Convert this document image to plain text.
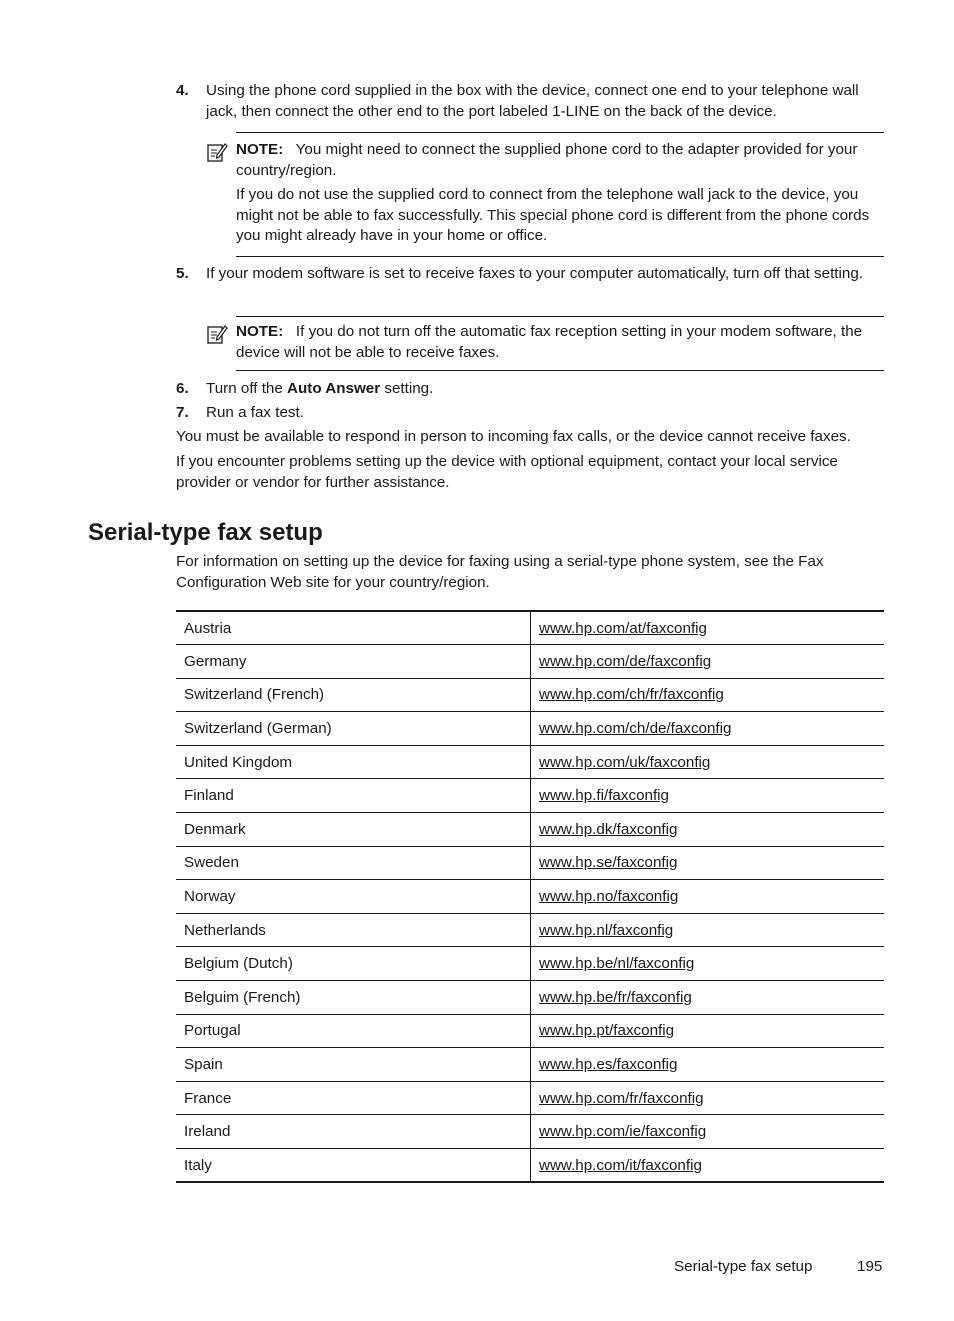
4. Using the phone cord supplied in the box with the device, connect one end to your telephone wall jack, then connect the other end to the port labeled 1-LINE on the back of the device.

NOTE: You might need to connect the supplied phone cord to the adapter provided for your country/region.

If you do not use the supplied cord to connect from the telephone wall jack to the device, you might not be able to fax successfully. This special phone cord is different from the phone cords you might already have in your home or office.

5. If your modem software is set to receive faxes to your computer automatically, turn off that setting.

NOTE: If you do not turn off the automatic fax reception setting in your modem software, the device will not be able to receive faxes.

6. Turn off the Auto Answer setting.
7. Run a fax test.

You must be available to respond in person to incoming fax calls, or the device cannot receive faxes.

If you encounter problems setting up the device with optional equipment, contact your local service provider or vendor for further assistance.

Serial-type fax setup

For information on setting up the device for faxing using a serial-type phone system, see the Fax Configuration Web site for your country/region.

Austria	www.hp.com/at/faxconfig
Germany	www.hp.com/de/faxconfig
Switzerland (French)	www.hp.com/ch/fr/faxconfig
Switzerland (German)	www.hp.com/ch/de/faxconfig
United Kingdom	www.hp.com/uk/faxconfig
Finland	www.hp.fi/faxconfig
Denmark	www.hp.dk/faxconfig
Sweden	www.hp.se/faxconfig
Norway	www.hp.no/faxconfig
Netherlands	www.hp.nl/faxconfig
Belgium (Dutch)	www.hp.be/nl/faxconfig
Belguim (French)	www.hp.be/fr/faxconfig
Portugal	www.hp.pt/faxconfig
Spain	www.hp.es/faxconfig
France	www.hp.com/fr/faxconfig
Ireland	www.hp.com/ie/faxconfig
Italy	www.hp.com/it/faxconfig
Serial-type fax setup	195
